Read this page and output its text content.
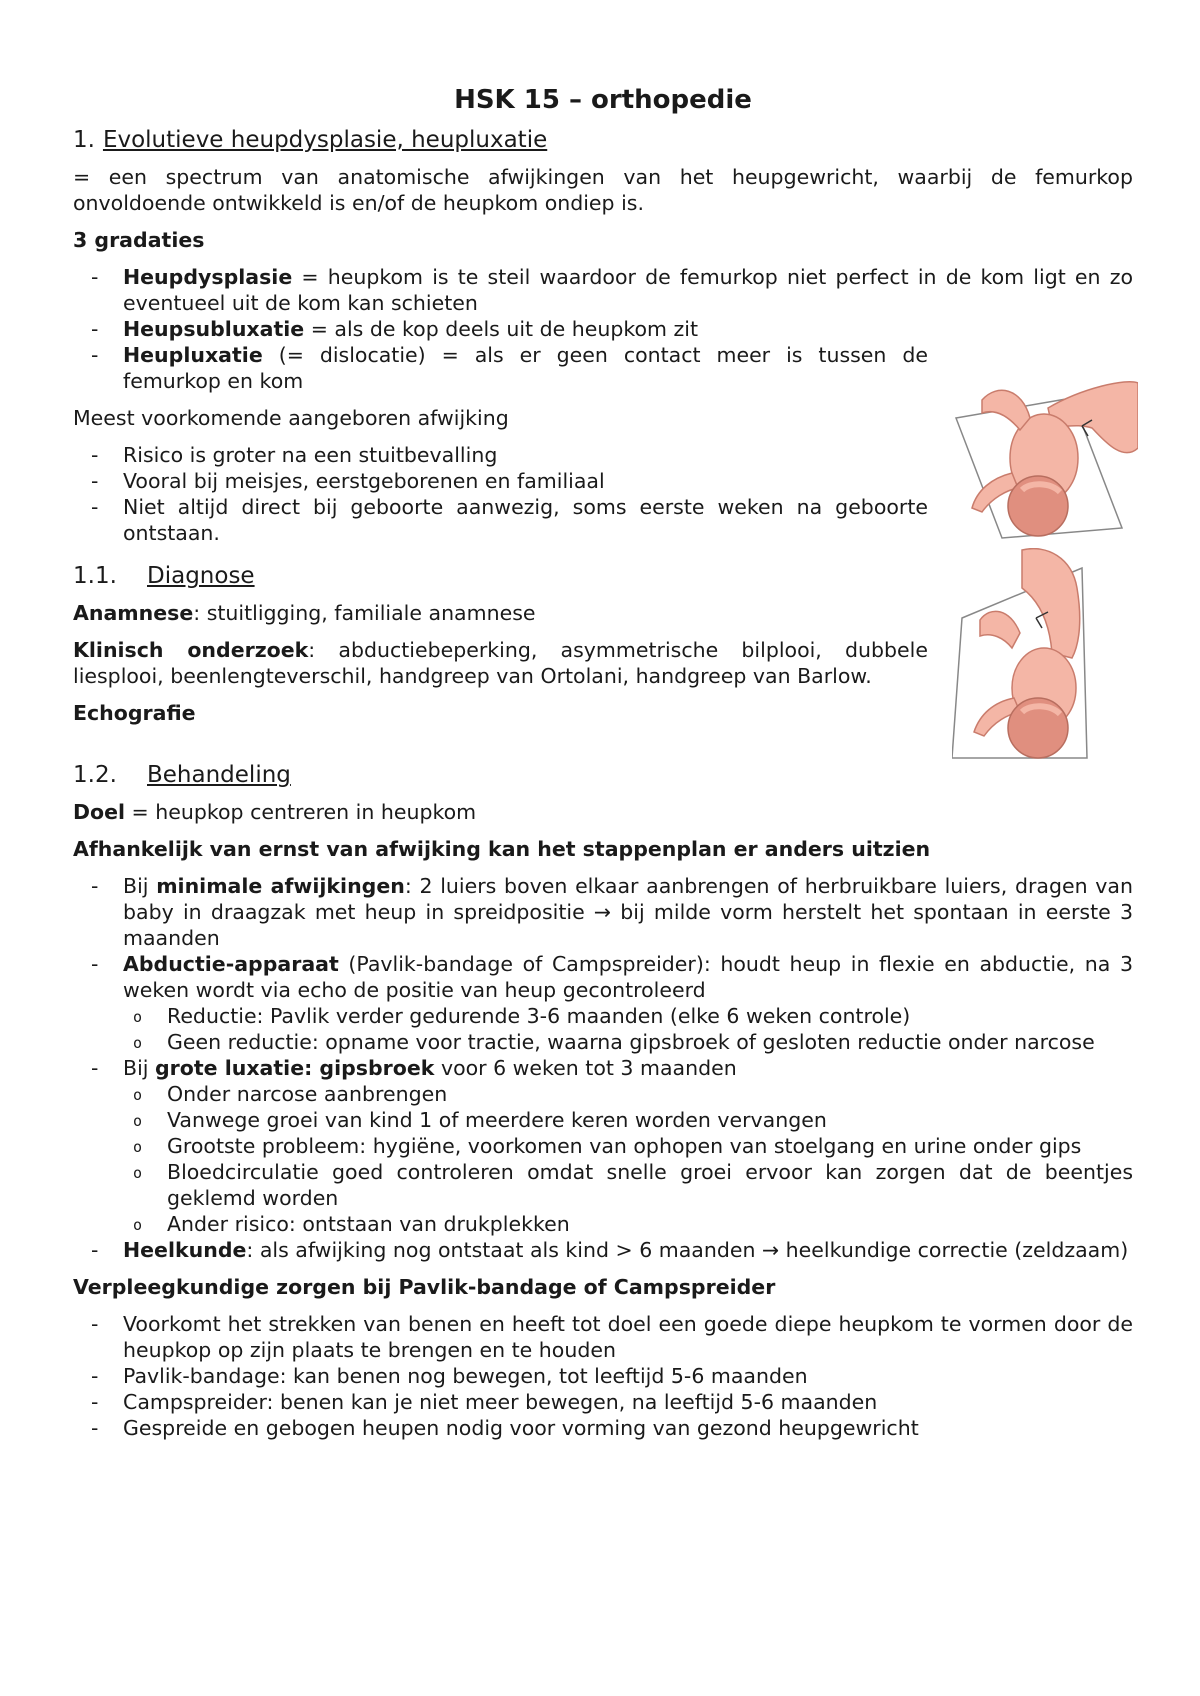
HSK 15 – orthopedie
1. Evolutieve heupdysplasie, heupluxatie

= een spectrum van anatomische afwijkingen van het heupgewricht, waarbij de femurkop onvoldoende ontwikkeld is en/of de heupkom ondiep is.

3 gradaties

- Heupdysplasie = heupkom is te steil waardoor de femurkop niet perfect in de kom ligt en zo eventueel uit de kom kan schieten
- Heupsubluxatie = als de kop deels uit de heupkom zit
- Heupluxatie (= dislocatie) = als er geen contact meer is tussen de femurkop en kom

Meest voorkomende aangeboren afwijking

- Risico is groter na een stuitbevalling
- Vooral bij meisjes, eerstgeborenen en familiaal
- Niet altijd direct bij geboorte aanwezig, soms eerste weken na geboorte ontstaan.
1.1. Diagnose

Anamnese: stuitligging, familiale anamnese

Klinisch onderzoek: abductiebeperking, asymmetrische bilplooi, dubbele liesplooi, beenlengteverschil, handgreep van Ortolani, handgreep van Barlow.

Echografie

1.2. Behandeling

Doel = heupkop centreren in heupkom

Afhankelijk van ernst van afwijking kan het stappenplan er anders uitzien

- Bij minimale afwijkingen: 2 luiers boven elkaar aanbrengen of herbruikbare luiers, dragen van baby in draagzak met heup in spreidpositie → bij milde vorm herstelt het spontaan in eerste 3 maanden
- Abductie-apparaat (Pavlik-bandage of Campspreider): houdt heup in flexie en abductie, na 3 weken wordt via echo de positie van heup gecontroleerd
o Reductie: Pavlik verder gedurende 3-6 maanden (elke 6 weken controle)
o Geen reductie: opname voor tractie, waarna gipsbroek of gesloten reductie onder narcose
- Bij grote luxatie: gipsbroek voor 6 weken tot 3 maanden
o Onder narcose aanbrengen
o Vanwege groei van kind 1 of meerdere keren worden vervangen
o Grootste probleem: hygiëne, voorkomen van ophopen van stoelgang en urine onder gips
o Bloedcirculatie goed controleren omdat snelle groei ervoor kan zorgen dat de beentjes geklemd worden
o Ander risico: ontstaan van drukplekken
- Heelkunde: als afwijking nog ontstaat als kind > 6 maanden → heelkundige correctie (zeldzaam)

Verpleegkundige zorgen bij Pavlik-bandage of Campspreider

- Voorkomt het strekken van benen en heeft tot doel een goede diepe heupkom te vormen door de heupkop op zijn plaats te brengen en te houden
- Pavlik-bandage: kan benen nog bewegen, tot leeftijd 5-6 maanden
- Campspreider: benen kan je niet meer bewegen, na leeftijd 5-6 maanden
- Gespreide en gebogen heupen nodig voor vorming van gezond heupgewricht
